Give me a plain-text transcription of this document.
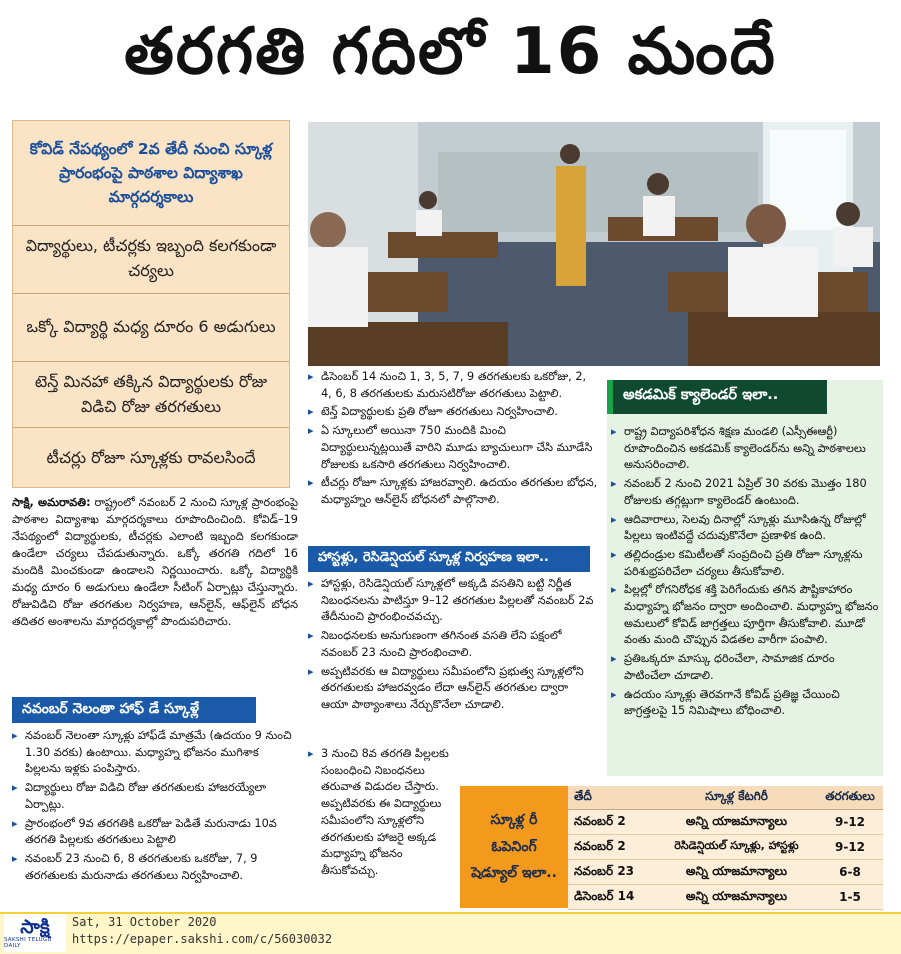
తరగతి గదిలో 16 మందే
కోవిడ్ నేపథ్యంలో 2వ తేదీ నుంచి స్కూళ్ల ప్రారంభంపై పాఠశాల విద్యాశాఖ మార్గదర్శకాలు
విద్యార్థులు, టీచర్లకు ఇబ్బంది కలగకుండా చర్యలు
ఒక్కో విద్యార్థి మధ్య దూరం 6 అడుగులు
టెన్త్ మినహా తక్కిన విద్యార్థులకు రోజు విడిచి రోజు తరగతులు
టీచర్లు రోజూ స్కూళ్లకు రావలసిందే
సాక్షి, అమరావతి: రాష్ట్రంలో నవంబర్ 2 నుంచి స్కూళ్ల ప్రారంభంపై పాఠశాల విద్యాశాఖ మార్గదర్శకాలు రూపొందించింది. కోవిడ్–19 నేపథ్యంలో విద్యార్థులకు, టీచర్లకు ఎలాంటి ఇబ్బంది కలగకుండా ఉండేలా చర్యలు చేపడుతున్నారు. ఒక్కో తరగతి గదిలో 16 మందికి మించకుండా ఉండాలని నిర్ణయించారు. ఒక్కో విద్యార్థికి మధ్య దూరం 6 అడుగులు ఉండేలా సీటింగ్ ఏర్పాట్లు చేస్తున్నారు. రోజువిడిచి రోజు తరగతుల నిర్వహణ, ఆన్‌లైన్, ఆఫ్‌లైన్ బోధన తదితర అంశాలను మార్గదర్శకాల్లో పొందుపరిచారు.
నవంబర్ నెలంతా హాఫ్ డే స్కూళ్లే
▸ నవంబర్ నెలంతా స్కూళ్లు హాఫ్‌డే మాత్రమే (ఉదయం 9 నుంచి 1.30 వరకు) ఉంటాయి. మధ్యాహ్న భోజనం ముగిశాక పిల్లలను ఇళ్లకు పంపిస్తారు.
▸ విద్యార్థులు రోజు విడిచి రోజు తరగతులకు హాజరయ్యేలా ఏర్పాట్లు.
▸ ప్రారంభంలో 9వ తరగతికి ఒకరోజు పెడితే మరునాడు 10వ తరగతి పిల్లలకు తరగతులు పెట్టాలి
▸ నవంబర్ 23 నుంచి 6, 8 తరగతులకు ఒకరోజు, 7, 9 తరగతులకు మరునాడు తరగతులు నిర్వహించాలి.
▸ డిసెంబర్ 14 నుంచి 1, 3, 5, 7, 9 తరగతులకు ఒకరోజు, 2, 4, 6, 8 తరగతులకు మరుసటిరోజు తరగతులు పెట్టాలి.
▸ టెన్త్ విద్యార్థులకు ప్రతి రోజూ తరగతులు నిర్వహించాలి.
▸ ఏ స్కూలులో అయినా 750 మందికి మించి విద్యార్థులున్నట్లయితే వారిని మూడు బ్యాచులుగా చేసి మూడేసి రోజులకు ఒకసారి తరగతులు నిర్వహించాలి.
▸ టీచర్లు రోజూ స్కూళ్లకు హాజరవ్వాలి. ఉదయం తరగతుల బోధన, మధ్యాహ్నం ఆన్‌లైన్ బోధనలో పాల్గొనాలి.
హాస్టళ్లు, రెసిడెన్షియల్ స్కూళ్ల నిర్వహణ ఇలా..
▸ హాస్టళ్లు, రెసిడెన్షియల్ స్కూళ్లలో అక్కడి వసతిని బట్టి నిర్ణీత నిబంధనలను పాటిస్తూ 9–12 తరగతుల పిల్లలతో నవంబర్ 2వ తేదీనుంచి ప్రారంభించవచ్చు.
▸ నిబంధనలకు అనుగుణంగా తగినంత వసతి లేని పక్షంలో నవంబర్ 23 నుంచి ప్రారంభించాలి.
▸ అప్పటివరకు ఆ విద్యార్థులు సమీపంలోని ప్రభుత్వ స్కూళ్లలోని తరగతులకు హాజరవ్వడం లేదా ఆన్‌లైన్ తరగతుల ద్వారా ఆయా పాఠ్యాంశాలు నేర్చుకొనేలా చూడాలి.
▸ 3 నుంచి 8వ తరగతి పిల్లలకు సంబంధించి నిబంధనలు తరువాత విడుదల చేస్తారు. అప్పటివరకు ఈ విద్యార్థులు సమీపంలోని స్కూళ్లలోని తరగతులకు హాజరై అక్కడ మధ్యాహ్న భోజనం తీసుకోవచ్చు.
అకడమిక్ క్యాలెండర్ ఇలా..
▸ రాష్ట్ర విద్యాపరిశోధన శిక్షణ మండలి (ఎస్సీఈఆర్టీ) రూపొందించిన అకడమిక్ క్యాలెండర్‌ను అన్ని పాఠశాలలు అనుసరించాలి.
▸ నవంబర్ 2 నుంచి 2021 ఏప్రిల్ 30 వరకు మొత్తం 180 రోజులకు తగ్గట్లుగా క్యాలెండర్ ఉంటుంది.
▸ ఆదివారాలు, సెలవు దినాల్లో స్కూళ్లు మూసిఉన్న రోజుల్లో పిల్లలు ఇంటివద్దే చదువుకొనేలా ప్రణాళిక ఉంది.
▸ తల్లిదండ్రుల కమిటీలతో సంప్రదించి ప్రతి రోజూ స్కూళ్లను పరిశుభ్రపరిచేలా చర్యలు తీసుకోవాలి.
▸ పిల్లల్లో రోగనిరోధక శక్తి పెరిగేందుకు తగిన పౌష్టికాహారం మధ్యాహ్న భోజనం ద్వారా అందించాలి. మధ్యాహ్న భోజనం అమలులో కోవిడ్ జాగ్రత్తలు పూర్తిగా తీసుకోవాలి. మూడో వంతు మంది చొప్పున విడతల వారీగా పంపాలి.
▸ ప్రతిఒక్కరూ మాస్కు ధరించేలా, సామాజిక దూరం పాటించేలా చూడాలి.
▸ ఉదయం స్కూళ్లు తెరవగానే కోవిడ్ ప్రతిజ్ఞ చేయించి జాగ్రత్తలపై 15 నిమిషాలు బోధించాలి.
స్కూళ్ల రీ ఓపెనింగ్ షెడ్యూల్ ఇలా..
తేదీ	స్కూళ్ల కేటగిరీ	తరగతులు
నవంబర్ 2	అన్ని యాజమాన్యాలు	9-12
నవంబర్ 2	రెసిడెన్షియల్ స్కూళ్లు, హాస్టళ్లు	9-12
నవంబర్ 23	అన్ని యాజమాన్యాలు	6-8
డిసెంబర్ 14	అన్ని యాజమాన్యాలు	1-5
సాక్షి
SAKSHI TELUGU DAILY
Sat, 31 October 2020
https://epaper.sakshi.com/c/56030032
